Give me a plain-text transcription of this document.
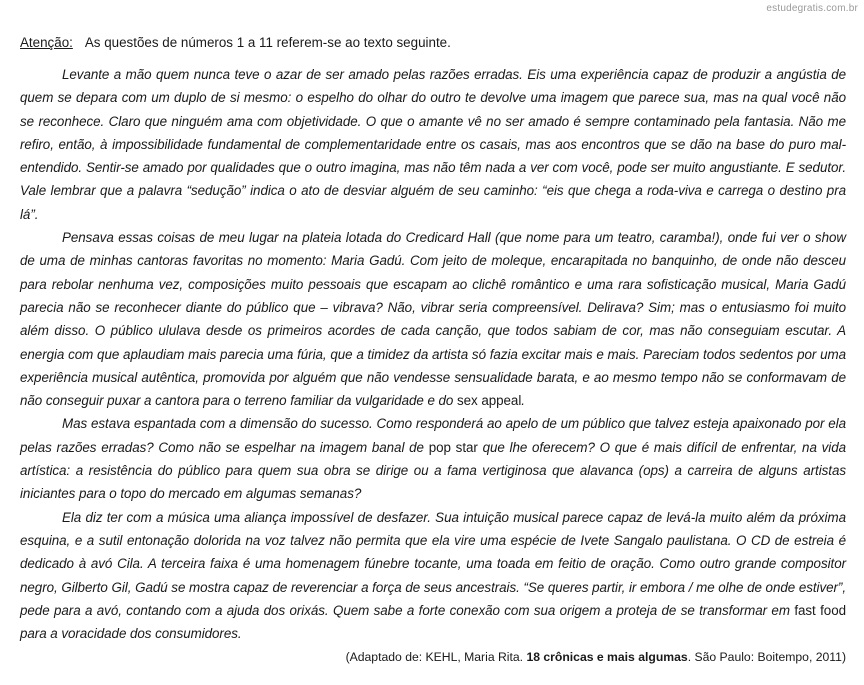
estudegratis.com.br

Atenção: As questões de números 1 a 11 referem-se ao texto seguinte.

Levante a mão quem nunca teve o azar de ser amado pelas razões erradas. Eis uma experiência capaz de produzir a angústia de quem se depara com um duplo de si mesmo: o espelho do olhar do outro te devolve uma imagem que parece sua, mas na qual você não se reconhece. Claro que ninguém ama com objetividade. O que o amante vê no ser amado é sempre contaminado pela fantasia. Não me refiro, então, à impossibilidade fundamental de complementaridade entre os casais, mas aos encontros que se dão na base do puro mal-entendido. Sentir-se amado por qualidades que o outro imagina, mas não têm nada a ver com você, pode ser muito angustiante. E sedutor. Vale lembrar que a palavra “sedução” indica o ato de desviar alguém de seu caminho: “eis que chega a roda-viva e carrega o destino pra lá”.

Pensava essas coisas de meu lugar na plateia lotada do Credicard Hall (que nome para um teatro, caramba!), onde fui ver o show de uma de minhas cantoras favoritas no momento: Maria Gadú. Com jeito de moleque, encarapitada no banquinho, de onde não desceu para rebolar nenhuma vez, composições muito pessoais que escapam ao clichê romântico e uma rara sofisticação musical, Maria Gadú parecia não se reconhecer diante do público que – vibrava? Não, vibrar seria compreensível. Delirava? Sim; mas o entusiasmo foi muito além disso. O público ululava desde os primeiros acordes de cada canção, que todos sabiam de cor, mas não conseguiam escutar. A energia com que aplaudiam mais parecia uma fúria, que a timidez da artista só fazia excitar mais e mais. Pareciam todos sedentos por uma experiência musical autêntica, promovida por alguém que não vendesse sensualidade barata, e ao mesmo tempo não se conformavam de não conseguir puxar a cantora para o terreno familiar da vulgaridade e do sex appeal.

Mas estava espantada com a dimensão do sucesso. Como responderá ao apelo de um público que talvez esteja apaixonado por ela pelas razões erradas? Como não se espelhar na imagem banal de pop star que lhe oferecem? O que é mais difícil de enfrentar, na vida artística: a resistência do público para quem sua obra se dirige ou a fama vertiginosa que alavanca (ops) a carreira de alguns artistas iniciantes para o topo do mercado em algumas semanas?

Ela diz ter com a música uma aliança impossível de desfazer. Sua intuição musical parece capaz de levá-la muito além da próxima esquina, e a sutil entonação dolorida na voz talvez não permita que ela vire uma espécie de Ivete Sangalo paulistana. O CD de estreia é dedicado à avó Cila. A terceira faixa é uma homenagem fúnebre tocante, uma toada em feitio de oração. Como outro grande compositor negro, Gilberto Gil, Gadú se mostra capaz de reverenciar a força de seus ancestrais. “Se queres partir, ir embora / me olhe de onde estiver”, pede para a avó, contando com a ajuda dos orixás. Quem sabe a forte conexão com sua origem a proteja de se transformar em fast food para a voracidade dos consumidores.

(Adaptado de: KEHL, Maria Rita. 18 crônicas e mais algumas. São Paulo: Boitempo, 2011)
